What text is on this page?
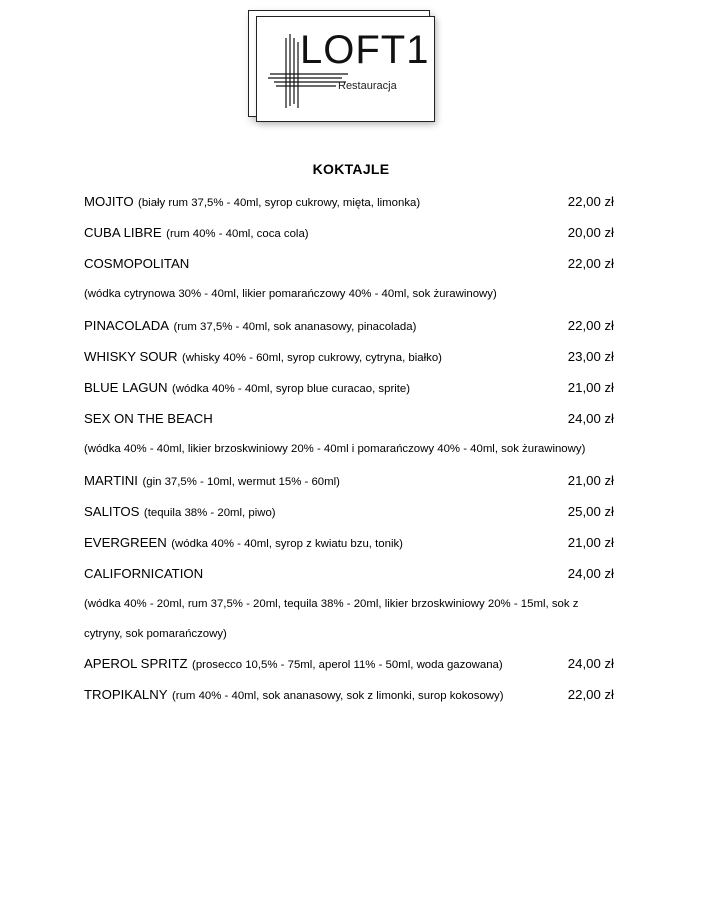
LOFT1
Restauracja
KOKTAJLE
MOJITO (biały rum 37,5% - 40ml, syrop cukrowy, mięta, limonka)	22,00 zł
CUBA LIBRE (rum 40% - 40ml, coca cola)	20,00 zł
COSMOPOLITAN	22,00 zł
(wódka cytrynowa 30% - 40ml, likier pomarańczowy 40% - 40ml, sok żurawinowy)
PINACOLADA (rum 37,5% - 40ml, sok ananasowy, pinacolada)	22,00 zł
WHISKY SOUR (whisky 40% - 60ml, syrop cukrowy, cytryna, białko)	23,00 zł
BLUE LAGUN (wódka 40% - 40ml, syrop blue curacao, sprite)	21,00 zł
SEX ON THE BEACH	24,00 zł
(wódka 40% - 40ml, likier brzoskwiniowy 20% - 40ml i pomarańczowy 40% - 40ml, sok żurawinowy)
MARTINI (gin 37,5% - 10ml, wermut 15% - 60ml)	21,00 zł
SALITOS (tequila 38% - 20ml, piwo)	25,00 zł
EVERGREEN (wódka 40% - 40ml, syrop z kwiatu bzu, tonik)	21,00 zł
CALIFORNICATION	24,00 zł
(wódka 40% - 20ml, rum 37,5% - 20ml, tequila 38% - 20ml, likier brzoskwiniowy 20% - 15ml, sok z
cytryny, sok pomarańczowy)
APEROL SPRITZ (prosecco 10,5% - 75ml, aperol 11% - 50ml, woda gazowana)	24,00 zł
TROPIKALNY (rum 40% - 40ml, sok ananasowy, sok z limonki, surop kokosowy)	22,00 zł
